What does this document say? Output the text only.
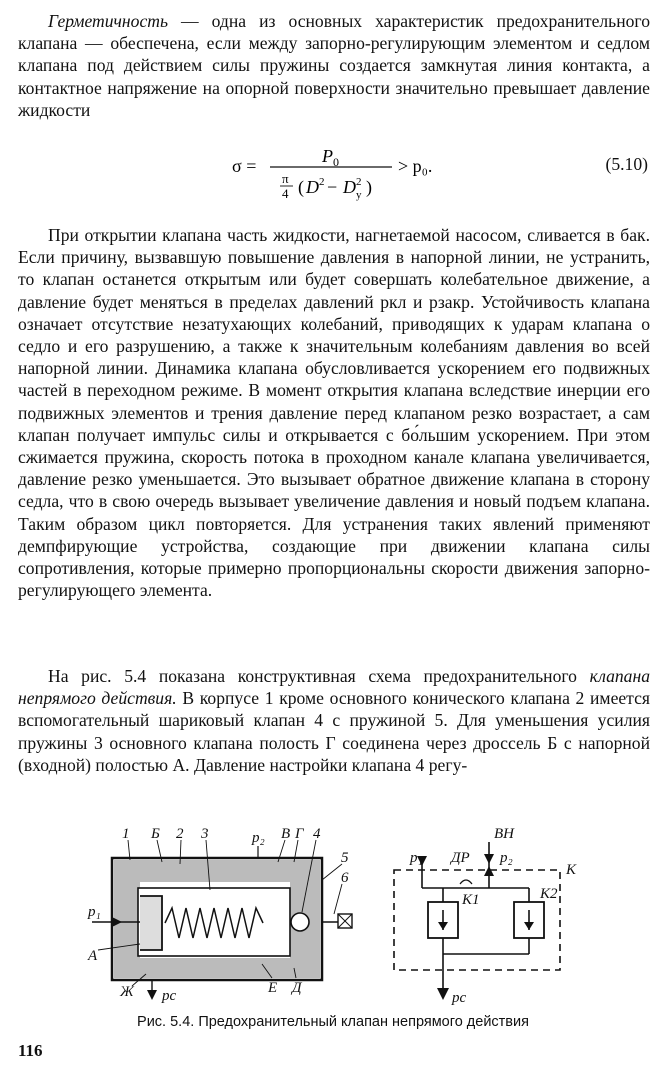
Герметичность — одна из основных характеристик предохранительного клапана — обеспечена, если между запорно-регулирующим элементом и седлом клапана под действием силы пружины создается замкнутая линия контакта, а контактное напряжение на опорной поверхности значительно превышает давление жидкости

σ =	P 0
π
4 ( D 2 − D 2
у )
> p₀.	(5.10)

При открытии клапана часть жидкости, нагнетаемой насосом, сливается в бак. Если причину, вызвавшую повышение давления в напорной линии, не устранить, то клапан останется открытым или будет совершать колебательное движение, а давление будет меняться в пределах давлений pкл и pзакр. Устойчивость клапана означает отсутствие незатухающих колебаний, приводящих к ударам клапана о седло и его разрушению, а также к значительным колебаниям давления во всей напорной линии. Динамика клапана обусловливается ускорением его подвижных частей в переходном режиме. В момент открытия клапана вследствие инерции его подвижных элементов и трения давление перед клапаном резко возрастает, а сам клапан получает импульс силы и открывается с бо́льшим ускорением. При этом сжимается пружина, скорость потока в проходном канале клапана увеличивается, давление резко уменьшается. Это вызывает обратное движение клапана в сторону седла, что в свою очередь вызывает увеличение давления и новый подъем клапана. Таким образом цикл повторяется. Для устранения таких явлений применяют демпфирующие устройства, создающие при движении клапана силы сопротивления, которые примерно пропорциональны скорости движения запорно-регулирующего элемента.

На рис. 5.4 показана конструктивная схема предохранительного клапана непрямого действия. В корпусе 1 кроме основного конического клапана 2 имеется вспомогательный шариковый клапан 4 с пружиной 5. Для уменьшения усилия пружины 3 основного клапана полость Г соединена через дроссель Б с напорной (входной) полостью А. Давление настройки клапана 4 регу-

1 Б 2 3	p₂ В Г 4
5
6
p₁
А
Ж pc	Е Д
ВН
p₁ ДР p₂
К
К1	К2
pc
Рис. 5.4. Предохранительный клапан непрямого действия
116
